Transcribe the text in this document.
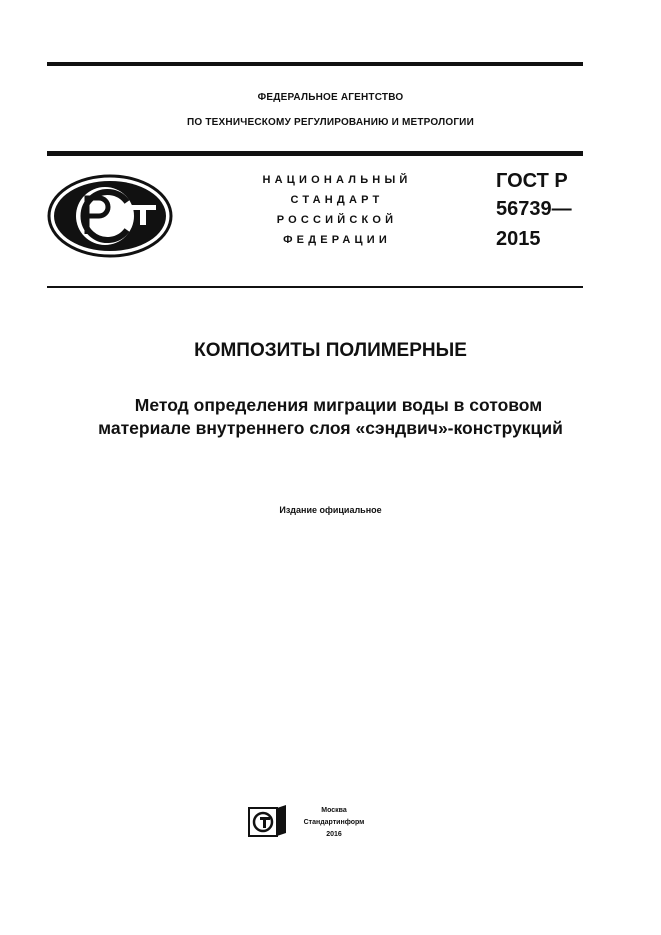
ФЕДЕРАЛЬНОЕ АГЕНТСТВО
ПО ТЕХНИЧЕСКОМУ РЕГУЛИРОВАНИЮ И МЕТРОЛОГИИ
НАЦИОНАЛЬНЫЙ
СТАНДАРТ
РОССИЙСКОЙ
ФЕДЕРАЦИИ
ГОСТ Р
56739—
2015
КОМПОЗИТЫ ПОЛИМЕРНЫЕ
Метод определения миграции воды в сотовом
материале внутреннего слоя «сэндвич»-конструкций
Издание официальное
Москва
Стандартинформ
2016
